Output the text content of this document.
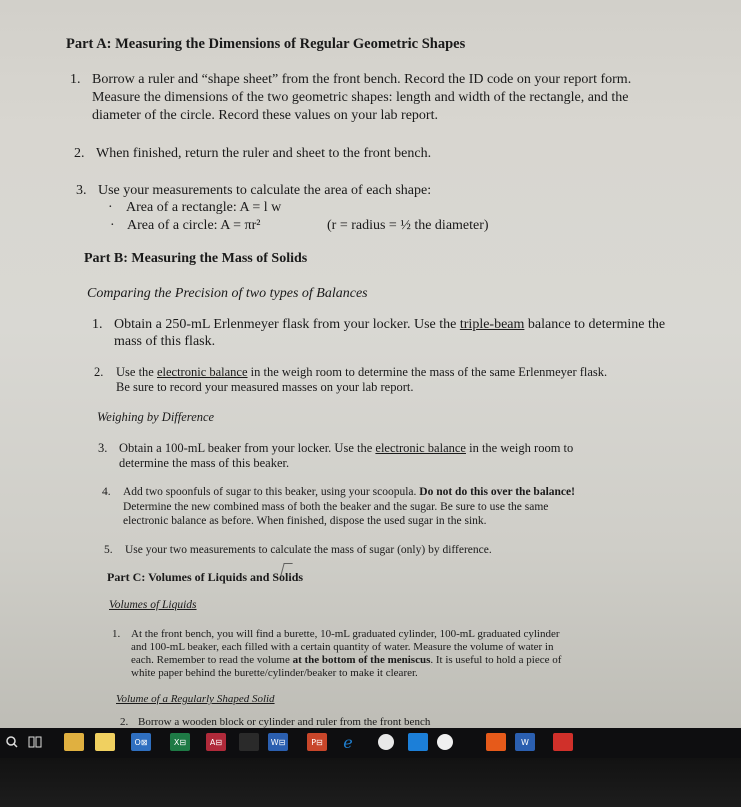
Part A: Measuring the Dimensions of Regular Geometric Shapes
1. Borrow a ruler and “shape sheet” from the front bench. Record the ID code on your report form.
Measure the dimensions of the two geometric shapes: length and width of the rectangle, and the
diameter of the circle. Record these values on your lab report.
2. When finished, return the ruler and sheet to the front bench.
3. Use your measurements to calculate the area of each shape:
· Area of a rectangle: A = l w
· Area of a circle: A = πr²	(r = radius = ½ the diameter)
Part B: Measuring the Mass of Solids
Comparing the Precision of two types of Balances
1. Obtain a 250-mL Erlenmeyer flask from your locker. Use the triple-beam balance to determine the
mass of this flask.
2. Use the electronic balance in the weigh room to determine the mass of the same Erlenmeyer flask.
Be sure to record your measured masses on your lab report.
Weighing by Difference
3. Obtain a 100-mL beaker from your locker. Use the electronic balance in the weigh room to
determine the mass of this beaker.
4. Add two spoonfuls of sugar to this beaker, using your scoopula. Do not do this over the balance!
Determine the new combined mass of both the beaker and the sugar. Be sure to use the same
electronic balance as before. When finished, dispose the used sugar in the sink.
5. Use your two measurements to calculate the mass of sugar (only) by difference.
Part C: Volumes of Liquids and Solids
Volumes of Liquids
1. At the front bench, you will find a burette, 10-mL graduated cylinder, 100-mL graduated cylinder
and 100-mL beaker, each filled with a certain quantity of water. Measure the volume of water in
each. Remember to read the volume at the bottom of the meniscus. It is useful to hold a piece of
white paper behind the burette/cylinder/beaker to make it clearer.
Volume of a Regularly Shaped Solid
2. Borrow a wooden block or cylinder and ruler from the front bench
O⊠	X⊟	A⊟	W⊟	P⊟ e	W
